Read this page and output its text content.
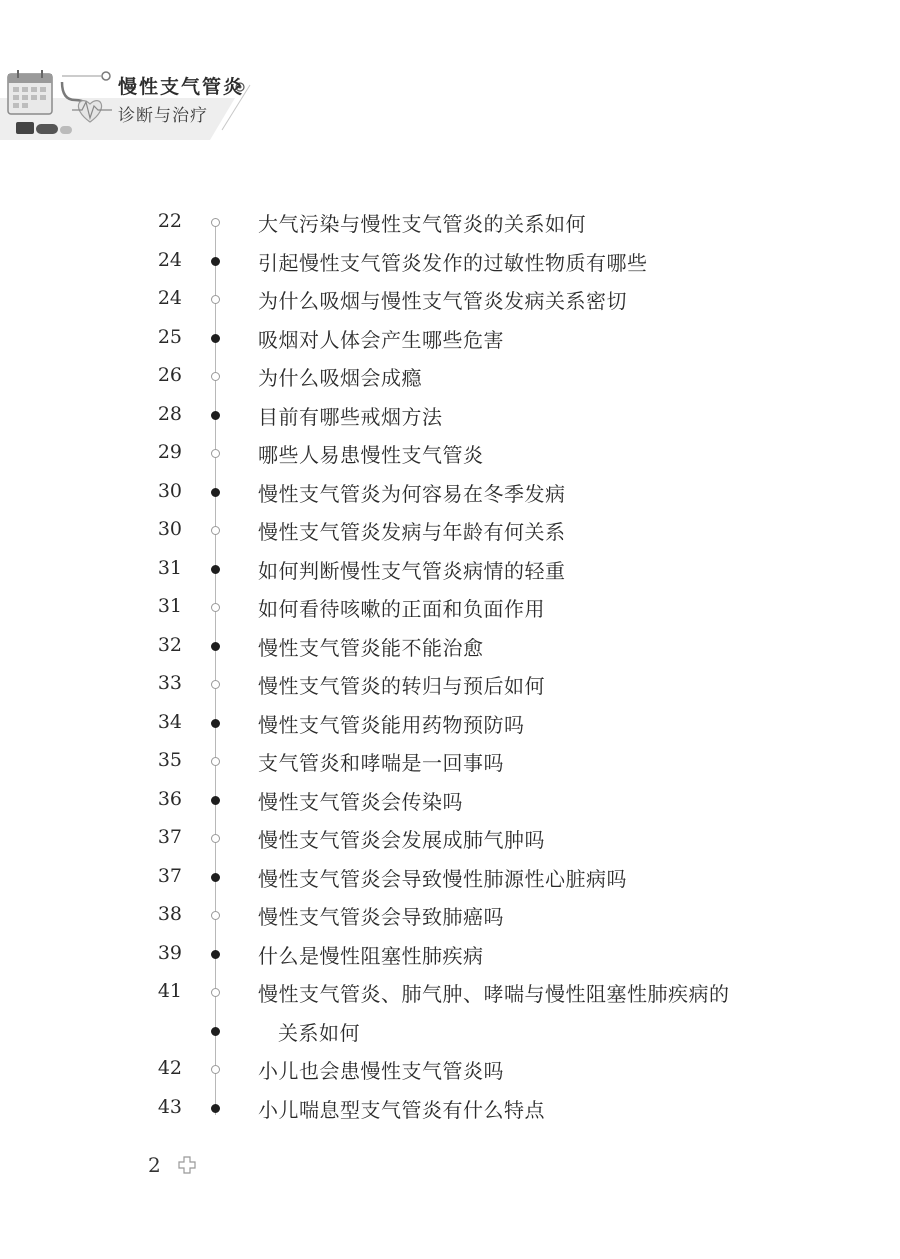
慢性支气管炎
诊断与治疗
22	大气污染与慢性支气管炎的关系如何
24	引起慢性支气管炎发作的过敏性物质有哪些
24	为什么吸烟与慢性支气管炎发病关系密切
25	吸烟对人体会产生哪些危害
26	为什么吸烟会成瘾
28	目前有哪些戒烟方法
29	哪些人易患慢性支气管炎
30	慢性支气管炎为何容易在冬季发病
30	慢性支气管炎发病与年龄有何关系
31	如何判断慢性支气管炎病情的轻重
31	如何看待咳嗽的正面和负面作用
32	慢性支气管炎能不能治愈
33	慢性支气管炎的转归与预后如何
34	慢性支气管炎能用药物预防吗
35	支气管炎和哮喘是一回事吗
36	慢性支气管炎会传染吗
37	慢性支气管炎会发展成肺气肿吗
37	慢性支气管炎会导致慢性肺源性心脏病吗
38	慢性支气管炎会导致肺癌吗
39	什么是慢性阻塞性肺疾病
41	慢性支气管炎、肺气肿、哮喘与慢性阻塞性肺疾病的
关系如何
42	小儿也会患慢性支气管炎吗
43	小儿喘息型支气管炎有什么特点
2
